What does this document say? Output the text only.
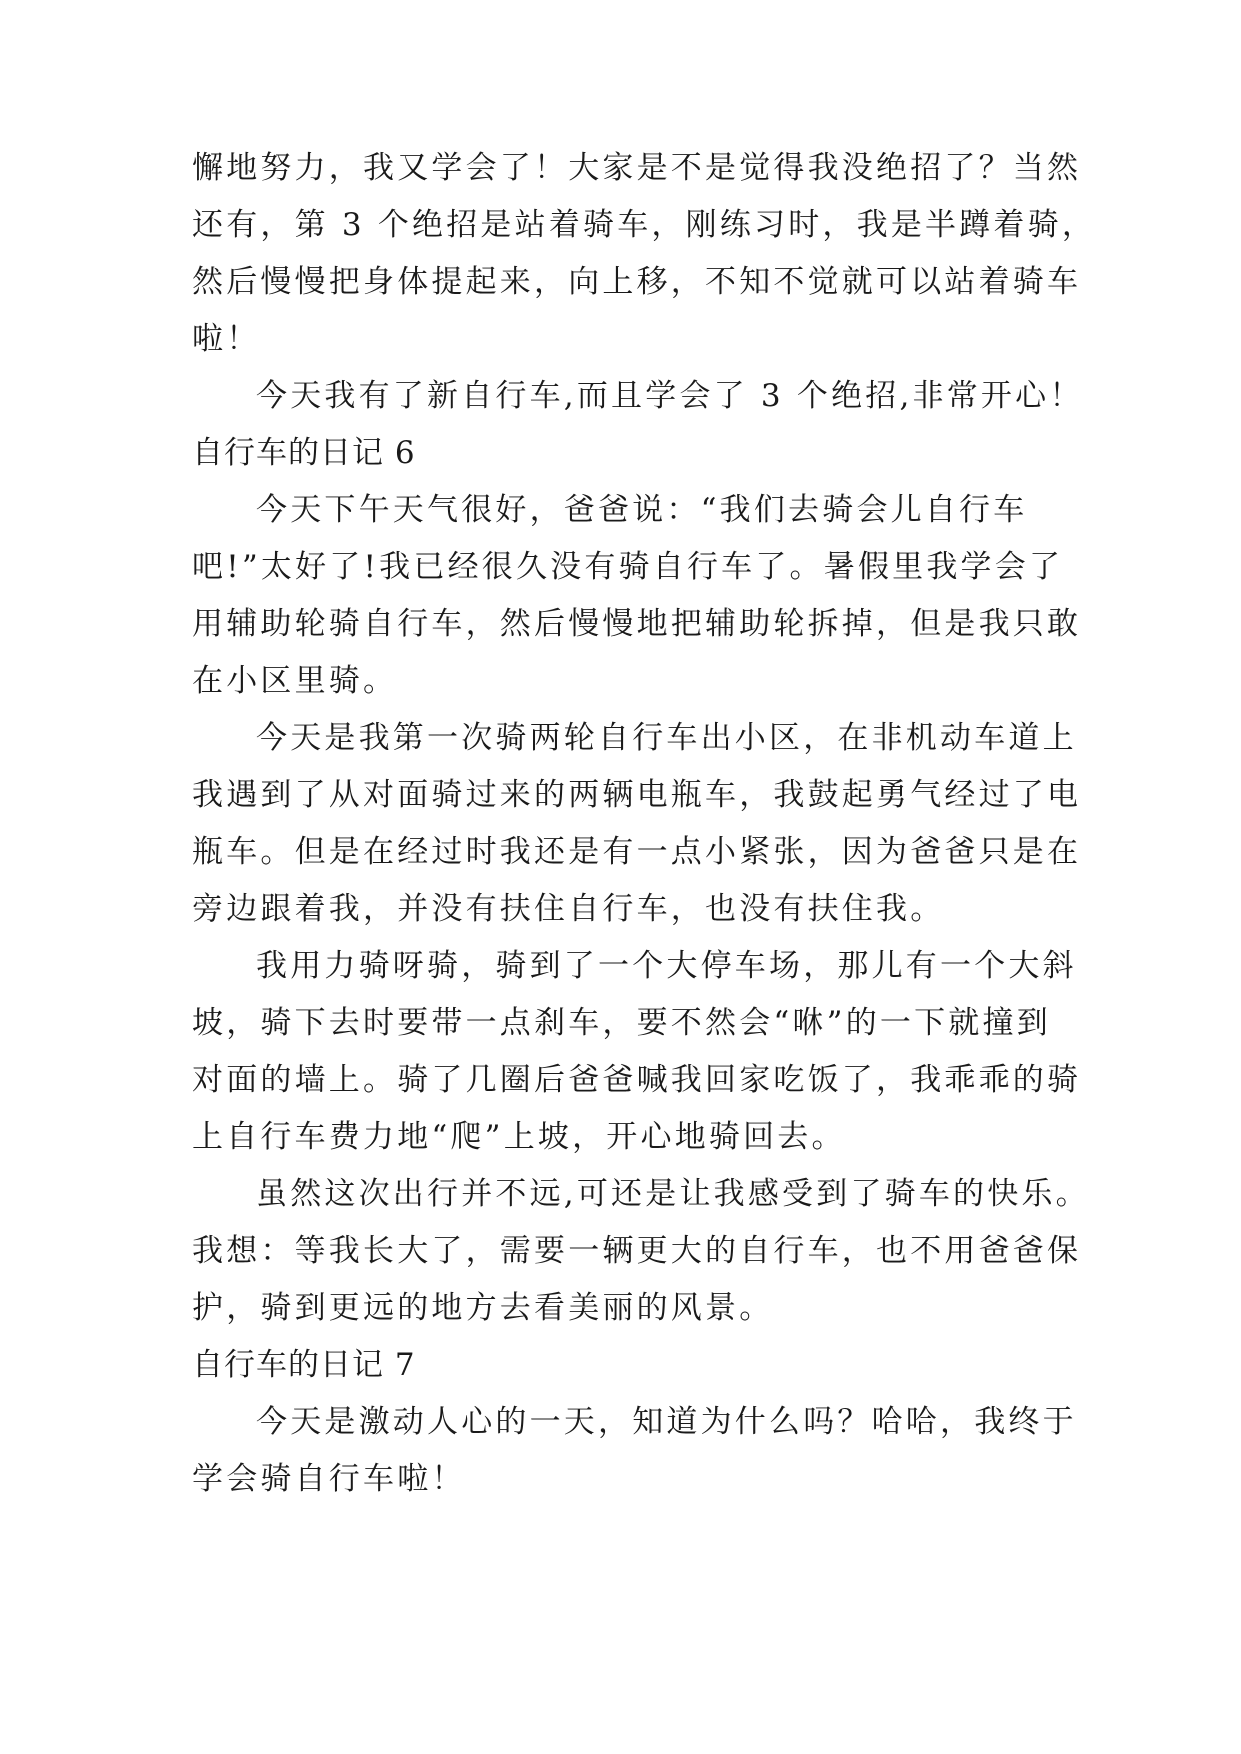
懈地努力，我又学会了！大家是不是觉得我没绝招了？当然
还有，第 3 个绝招是站着骑车，刚练习时，我是半蹲着骑，
然后慢慢把身体提起来，向上移，不知不觉就可以站着骑车
啦！
今天我有了新自行车,而且学会了 3 个绝招,非常开心！
自行车的日记 6
今天下午天气很好，爸爸说：“我们去骑会儿自行车
吧!”太好了!我已经很久没有骑自行车了。暑假里我学会了
用辅助轮骑自行车，然后慢慢地把辅助轮拆掉，但是我只敢
在小区里骑。
今天是我第一次骑两轮自行车出小区，在非机动车道上
我遇到了从对面骑过来的两辆电瓶车，我鼓起勇气经过了电
瓶车。但是在经过时我还是有一点小紧张，因为爸爸只是在
旁边跟着我，并没有扶住自行车，也没有扶住我。
我用力骑呀骑，骑到了一个大停车场，那儿有一个大斜
坡，骑下去时要带一点刹车，要不然会“咻”的一下就撞到
对面的墙上。骑了几圈后爸爸喊我回家吃饭了，我乖乖的骑
上自行车费力地“爬”上坡，开心地骑回去。
虽然这次出行并不远,可还是让我感受到了骑车的快乐。
我想：等我长大了，需要一辆更大的自行车，也不用爸爸保
护，骑到更远的地方去看美丽的风景。
自行车的日记 7
今天是激动人心的一天，知道为什么吗？哈哈，我终于
学会骑自行车啦！
